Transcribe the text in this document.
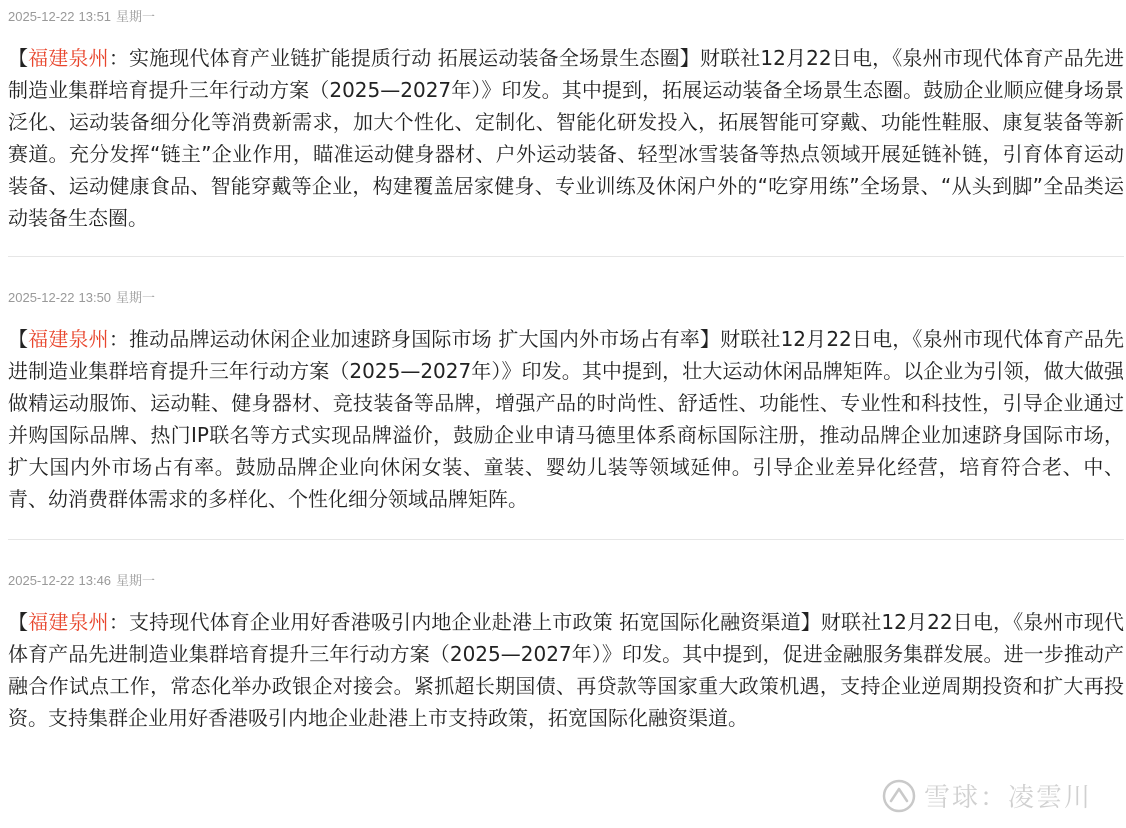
2025-12-22 13:51 星期一

【福建泉州：实施现代体育产业链扩能提质行动 拓展运动装备全场景生态圈】财联社12月22日电，《泉州市现代体育产品先进制造业集群培育提升三年行动方案（2025—2027年）》印发。其中提到，拓展运动装备全场景生态圈。鼓励企业顺应健身场景泛化、运动装备细分化等消费新需求，加大个性化、定制化、智能化研发投入，拓展智能可穿戴、功能性鞋服、康复装备等新赛道。充分发挥“链主”企业作用，瞄准运动健身器材、户外运动装备、轻型冰雪装备等热点领域开展延链补链，引育体育运动装备、运动健康食品、智能穿戴等企业，构建覆盖居家健身、专业训练及休闲户外的“吃穿用练”全场景、“从头到脚”全品类运动装备生态圈。

2025-12-22 13:50 星期一

【福建泉州：推动品牌运动休闲企业加速跻身国际市场 扩大国内外市场占有率】财联社12月22日电，《泉州市现代体育产品先进制造业集群培育提升三年行动方案（2025—2027年）》印发。其中提到，壮大运动休闲品牌矩阵。以企业为引领，做大做强做精运动服饰、运动鞋、健身器材、竞技装备等品牌，增强产品的时尚性、舒适性、功能性、专业性和科技性，引导企业通过并购国际品牌、热门IP联名等方式实现品牌溢价，鼓励企业申请马德里体系商标国际注册，推动品牌企业加速跻身国际市场，扩大国内外市场占有率。鼓励品牌企业向休闲女装、童装、婴幼儿装等领域延伸。引导企业差异化经营，培育符合老、中、青、幼消费群体需求的多样化、个性化细分领域品牌矩阵。

2025-12-22 13:46 星期一

【福建泉州：支持现代体育企业用好香港吸引内地企业赴港上市政策 拓宽国际化融资渠道】财联社12月22日电，《泉州市现代体育产品先进制造业集群培育提升三年行动方案（2025—2027年）》印发。其中提到，促进金融服务集群发展。进一步推动产融合作试点工作，常态化举办政银企对接会。紧抓超长期国债、再贷款等国家重大政策机遇，支持企业逆周期投资和扩大再投资。支持集群企业用好香港吸引内地企业赴港上市支持政策，拓宽国际化融资渠道。

雪球：凌雲川
